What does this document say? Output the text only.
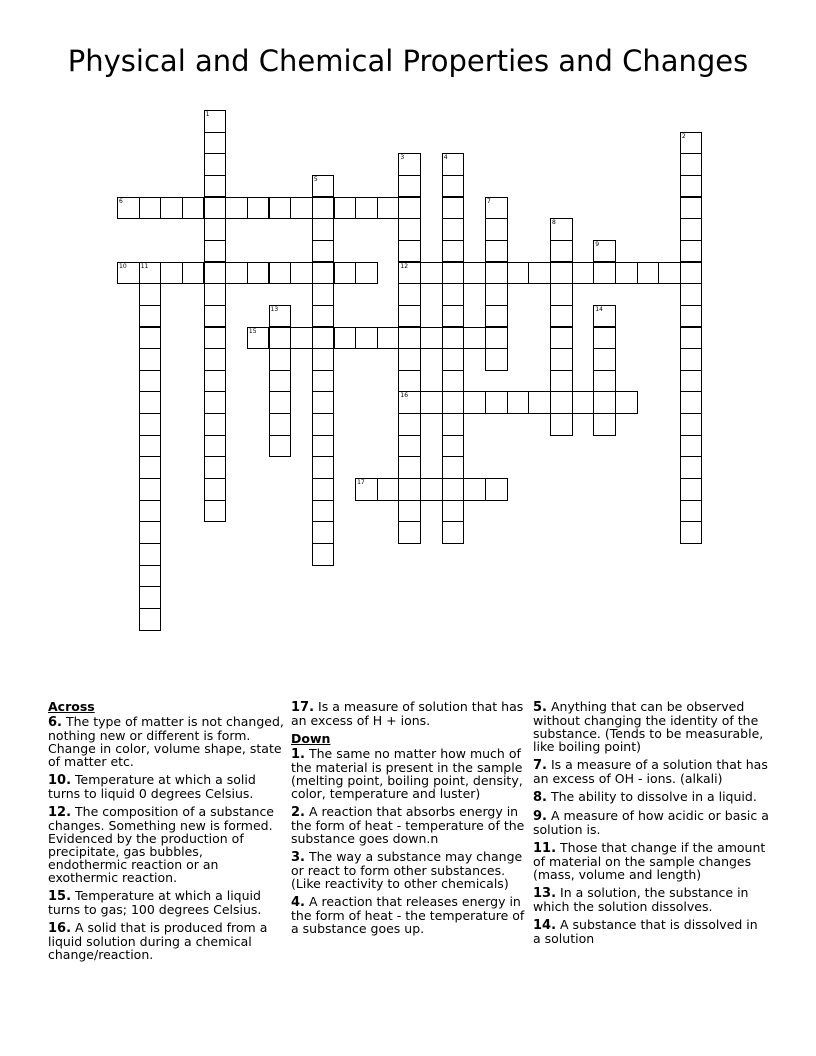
Physical and Chemical Properties and Changes
1
2
3
12
16
4
5
6	7
8
9
10 11
13	14
15
17
Across
6. The type of matter is not changed, nothing new or different is form. Change in color, volume shape, state of matter etc.
10. Temperature at which a solid turns to liquid 0 degrees Celsius.
12. The composition of a substance changes. Something new is formed. Evidenced by the production of precipitate, gas bubbles, endothermic reaction or an exothermic reaction.
15. Temperature at which a liquid turns to gas; 100 degrees Celsius.
16. A solid that is produced from a liquid solution during a chemical change/reaction.
17. Is a measure of solution that has an excess of H + ions.
Down
1. The same no matter how much of the material is present in the sample (melting point, boiling point, density, color, temperature and luster)
2. A reaction that absorbs energy in the form of heat - temperature of the substance goes down.n
3. The way a substance may change or react to form other substances. (Like reactivity to other chemicals)
4. A reaction that releases energy in the form of heat - the temperature of a substance goes up.
5. Anything that can be observed without changing the identity of the substance. (Tends to be measurable, like boiling point)
7. Is a measure of a solution that has an excess of OH - ions. (alkali)
8. The ability to dissolve in a liquid.
9. A measure of how acidic or basic a solution is.
11. Those that change if the amount of material on the sample changes (mass, volume and length)
13. In a solution, the substance in which the solution dissolves.
14. A substance that is dissolved in a solution
